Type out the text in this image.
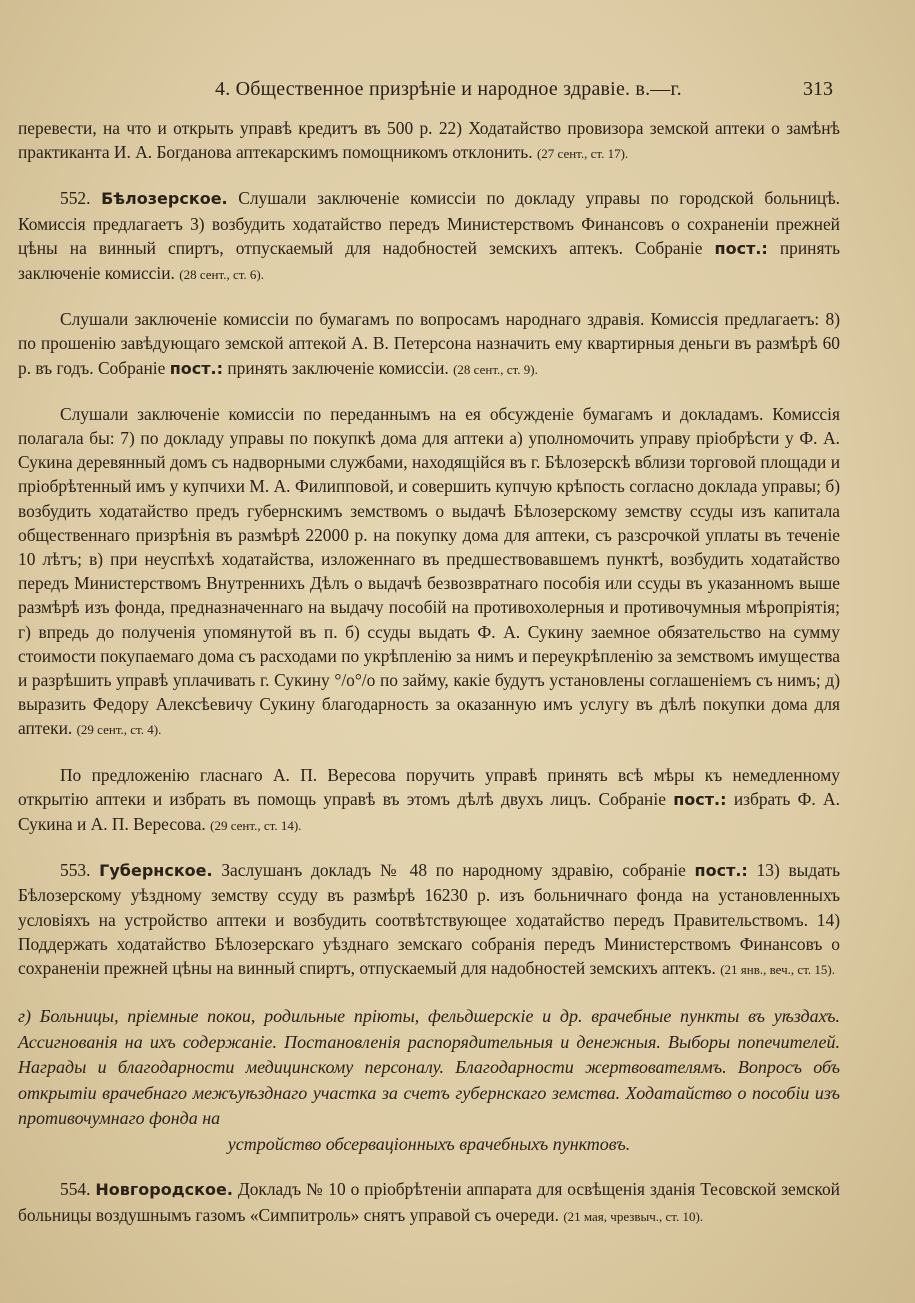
4. Общественное призрѣніе и народное здравіе. в.—г.	313

перевести, на что и открыть управѣ кредитъ въ 500 р. 22) Ходатайство провизора земской аптеки о замѣнѣ практиканта И. А. Богданова аптекарскимъ помощникомъ отклонить. (27 сент., ст. 17).

552. Бѣлозерское. Слушали заключеніе комиссіи по докладу управы по городской больницѣ. Комиссія предлагаетъ 3) возбудить ходатайство передъ Министерствомъ Финансовъ о сохраненіи прежней цѣны на винный спиртъ, отпускаемый для надобностей земскихъ аптекъ. Собраніе пост.: принять заключеніе комиссіи. (28 сент., ст. 6).

Слушали заключеніе комиссіи по бумагамъ по вопросамъ народнаго здравія. Комиссія предлагаетъ: 8) по прошенію завѣдующаго земской аптекой А. В. Петерсона назначить ему квартирныя деньги въ размѣрѣ 60 р. въ годъ. Собраніе пост.: принять заключеніе комиссіи. (28 сент., ст. 9).

Слушали заключеніе комиссіи по переданнымъ на ея обсужденіе бумагамъ и докладамъ. Комиссія полагала бы: 7) по докладу управы по покупкѣ дома для аптеки а) уполномочить управу пріобрѣсти у Ф. А. Сукина деревянный домъ съ надворными службами, находящійся въ г. Бѣлозерскѣ вблизи торговой площади и пріобрѣтенный имъ у купчихи М. А. Филипповой, и совершить купчую крѣпость согласно доклада управы; б) возбудить ходатайство предъ губернскимъ земствомъ о выдачѣ Бѣлозерскому земству ссуды изъ капитала общественнаго призрѣнія въ размѣрѣ 22000 р. на покупку дома для аптеки, съ разсрочкой уплаты въ теченіе 10 лѣтъ; в) при неуспѣхѣ ходатайства, изложеннаго въ предшествовавшемъ пунктѣ, возбудить ходатайство передъ Министерствомъ Внутреннихъ Дѣлъ о выдачѣ безвозвратнаго пособія или ссуды въ указанномъ выше размѣрѣ изъ фонда, предназначеннаго на выдачу пособій на противохолерныя и противочумныя мѣропріятія; г) впредь до полученія упомянутой въ п. б) ссуды выдать Ф. А. Сукину заемное обязательство на сумму стоимости покупаемаго дома съ расходами по укрѣпленію за нимъ и переукрѣпленію за земствомъ имущества и разрѣшить управѣ уплачивать г. Сукину °/о°/о по займу, какіе будутъ установлены соглашеніемъ съ нимъ; д) выразить Федору Алексѣевичу Сукину благодарность за оказанную имъ услугу въ дѣлѣ покупки дома для аптеки. (29 сент., ст. 4).

По предложенію гласнаго А. П. Вересова поручить управѣ принять всѣ мѣры къ немедленному открытію аптеки и избрать въ помощь управѣ въ этомъ дѣлѣ двухъ лицъ. Собраніе пост.: избрать Ф. А. Сукина и А. П. Вересова. (29 сент., ст. 14).

553. Губернское. Заслушанъ докладъ № 48 по народному здравію, собраніе пост.: 13) выдать Бѣлозерскому уѣздному земству ссуду въ размѣрѣ 16230 р. изъ больничнаго фонда на установленныхъ условіяхъ на устройство аптеки и возбудить соотвѣтствующее ходатайство передъ Правительствомъ. 14) Поддержать ходатайство Бѣлозерскаго уѣзднаго земскаго собранія передъ Министерствомъ Финансовъ о сохраненіи прежней цѣны на винный спиртъ, отпускаемый для надобностей земскихъ аптекъ. (21 янв., веч., ст. 15).

г) Больницы, пріемные покои, родильные пріюты, фельдшерскіе и др. врачебные пункты въ уѣздахъ. Ассигнованія на ихъ содержаніе. Постановленія распорядительныя и денежныя. Выборы попечителей. Награды и благодарности медицинскому персоналу. Благодарности жертвователямъ. Вопросъ объ открытіи врачебнаго межъуѣзднаго участка за счетъ губернскаго земства. Ходатайство о пособіи изъ противочумнаго фонда на
устройство обсерваціонныхъ врачебныхъ пунктовъ.

554. Новгородское. Докладъ № 10 о пріобрѣтеніи аппарата для освѣщенія зданія Тесовской земской больницы воздушнымъ газомъ «Симпитроль» снятъ управой съ очереди. (21 мая, чрезвыч., ст. 10).
